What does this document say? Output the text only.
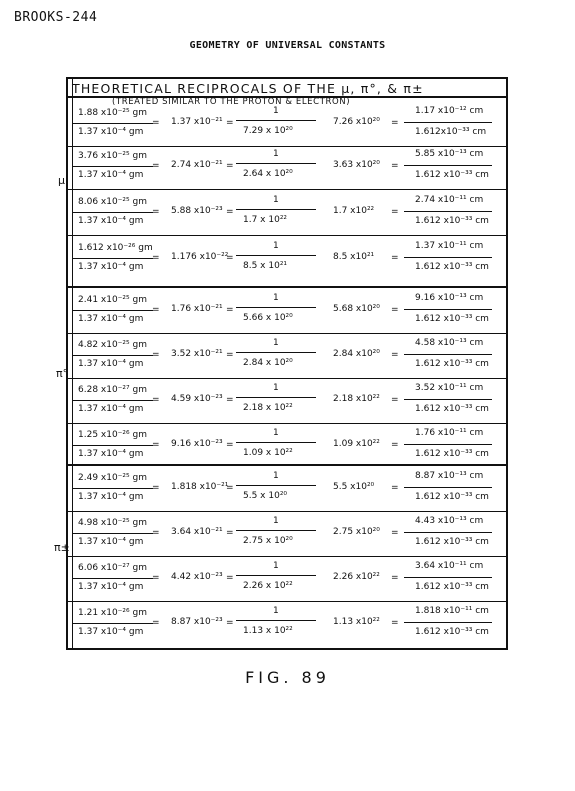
BROOKS-244
GEOMETRY OF UNIVERSAL CONSTANTS
THEORETICAL RECIPROCALS OF THE μ, π°, & π±
(TREATED SIMILAR TO THE PROTON & ELECTRON)
μ
π°
π±
1.88 x10⁻²⁵ gm
1.37 x10⁻⁴ gm
= 1.37 x10⁻²¹ =
1
7.29 x 10²⁰
7.26 x10²⁰ =
1.17 x10⁻¹² cm
1.612x10⁻³³ cm
3.76 x10⁻²⁵ gm
1.37 x10⁻⁴ gm
= 2.74 x10⁻²¹ =
1
2.64 x 10²⁰
3.63 x10²⁰ =
5.85 x10⁻¹³ cm
1.612 x10⁻³³ cm
8.06 x10⁻²⁵ gm
1.37 x10⁻⁴ gm
= 5.88 x10⁻²³ =
1
1.7 x 10²²
1.7 x10²² =
2.74 x10⁻¹¹ cm
1.612 x10⁻³³ cm
1.612 x10⁻²⁶ gm
1.37 x10⁻⁴ gm
= 1.176 x10⁻²²
=
1
8.5 x 10²¹
8.5 x10²¹ =
1.37 x10⁻¹¹ cm
1.612 x10⁻³³ cm
2.41 x10⁻²⁵ gm
1.37 x10⁻⁴ gm
= 1.76 x10⁻²¹ =
1
5.66 x 10²⁰
5.68 x10²⁰ =
9.16 x10⁻¹³ cm
1.612 x10⁻³³ cm
4.82 x10⁻²⁵ gm
1.37 x10⁻⁴ gm
= 3.52 x10⁻²¹ =
1
2.84 x 10²⁰
2.84 x10²⁰ =
4.58 x10⁻¹³ cm
1.612 x10⁻³³ cm
6.28 x10⁻²⁷ gm
1.37 x10⁻⁴ gm
= 4.59 x10⁻²³ =
1
2.18 x 10²²
2.18 x10²² =
3.52 x10⁻¹¹ cm
1.612 x10⁻³³ cm
1.25 x10⁻²⁶ gm
1.37 x10⁻⁴ gm
= 9.16 x10⁻²³ =
1
1.09 x 10²²
1.09 x10²² =
1.76 x10⁻¹¹ cm
1.612 x10⁻³³ cm
2.49 x10⁻²⁵ gm
1.37 x10⁻⁴ gm
= 1.818 x10⁻²¹
=
1
5.5 x 10²⁰
5.5 x10²⁰ =
8.87 x10⁻¹³ cm
1.612 x10⁻³³ cm
4.98 x10⁻²⁵ gm
1.37 x10⁻⁴ gm
= 3.64 x10⁻²¹ =
1
2.75 x 10²⁰
2.75 x10²⁰ =
4.43 x10⁻¹³ cm
1.612 x10⁻³³ cm
6.06 x10⁻²⁷ gm
1.37 x10⁻⁴ gm
= 4.42 x10⁻²³ =
1
2.26 x 10²²
2.26 x10²² =
3.64 x10⁻¹¹ cm
1.612 x10⁻³³ cm
1.21 x10⁻²⁶ gm
1.37 x10⁻⁴ gm
= 8.87 x10⁻²³ =
1
1.13 x 10²²
1.13 x10²² =
1.818 x10⁻¹¹ cm
1.612 x10⁻³³ cm
FIG. 89
